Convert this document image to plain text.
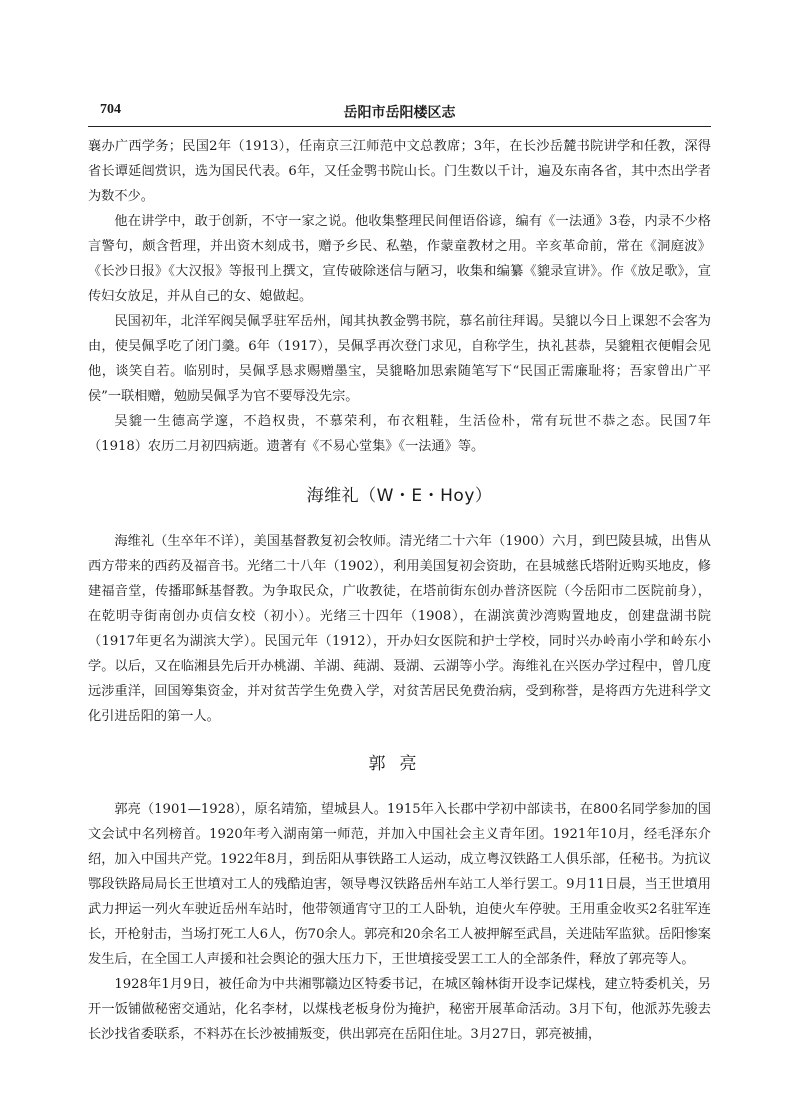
704	岳阳市岳阳楼区志

襄办广西学务；民国2年（1913），任南京三江师范中文总教席；3年，在长沙岳麓书院讲学和任教，深得省长谭延闿赏识，选为国民代表。6年，又任金鹗书院山长。门生数以千计，遍及东南各省，其中杰出学者为数不少。

他在讲学中，敢于创新，不守一家之说。他收集整理民间俚语俗谚，编有《一法通》3卷，内录不少格言警句，颇含哲理，并出资木刻成书，赠予乡民、私塾，作蒙童教材之用。辛亥革命前，常在《洞庭波》《长沙日报》《大汉报》等报刊上撰文，宣传破除迷信与陋习，收集和编纂《貔录宣讲》。作《放足歌》，宣传妇女放足，并从自己的女、媳做起。

民国初年，北洋军阀吴佩孚驻军岳州，闻其执教金鹗书院，慕名前往拜谒。吴貔以今日上课恕不会客为由，使吴佩孚吃了闭门羹。6年（1917），吴佩孚再次登门求见，自称学生，执礼甚恭，吴貔粗衣便帽会见他，谈笑自若。临别时，吴佩孚恳求赐赠墨宝，吴貔略加思索随笔写下“民国正需廉耻将；吾家曾出广平侯”一联相赠，勉励吴佩孚为官不要辱没先宗。

吴貔一生德高学邃，不趋权贵，不慕荣利，布衣粗鞋，生活俭朴，常有玩世不恭之态。民国7年（1918）农历二月初四病逝。遗著有《不易心堂集》《一法通》等。

海维礼（W・E・Hoy）

海维礼（生卒年不详），美国基督教复初会牧师。清光绪二十六年（1900）六月，到巴陵县城，出售从西方带来的西药及福音书。光绪二十八年（1902），利用美国复初会资助，在县城慈氏塔附近购买地皮，修建福音堂，传播耶稣基督教。为争取民众，广收教徒，在塔前街东创办普济医院（今岳阳市二医院前身），在乾明寺街南创办贞信女校（初小）。光绪三十四年（1908），在湖滨黄沙湾购置地皮，创建盘湖书院（1917年更名为湖滨大学）。民国元年（1912），开办妇女医院和护士学校，同时兴办岭南小学和岭东小学。以后，又在临湘县先后开办桃湖、羊湖、莼湖、聂湖、云湖等小学。海维礼在兴医办学过程中，曾几度远涉重洋，回国筹集资金，并对贫苦学生免费入学，对贫苦居民免费治病，受到称誉，是将西方先进科学文化引进岳阳的第一人。

郭亮

郭亮（1901—1928），原名靖笳，望城县人。1915年入长郡中学初中部读书，在800名同学参加的国文会试中名列榜首。1920年考入湖南第一师范，并加入中国社会主义青年团。1921年10月，经毛泽东介绍，加入中国共产党。1922年8月，到岳阳从事铁路工人运动，成立粤汉铁路工人俱乐部，任秘书。为抗议鄂段铁路局局长王世墳对工人的残酷迫害，领导粤汉铁路岳州车站工人举行罢工。9月11日晨，当王世墳用武力押运一列火车驶近岳州车站时，他带领通宵守卫的工人卧轨，迫使火车停驶。王用重金收买2名驻军连长，开枪射击，当场打死工人6人，伤70余人。郭亮和20余名工人被押解至武昌，关进陆军监狱。岳阳惨案发生后，在全国工人声援和社会舆论的强大压力下，王世墳接受罢工工人的全部条件，释放了郭亮等人。

1928年1月9日，被任命为中共湘鄂赣边区特委书记，在城区翰林街开设李记煤栈，建立特委机关，另开一饭铺做秘密交通站，化名李材，以煤栈老板身份为掩护，秘密开展革命活动。3月下旬，他派苏先骏去长沙找省委联系，不料苏在长沙被捕叛变，供出郭亮在岳阳住址。3月27日，郭亮被捕，
